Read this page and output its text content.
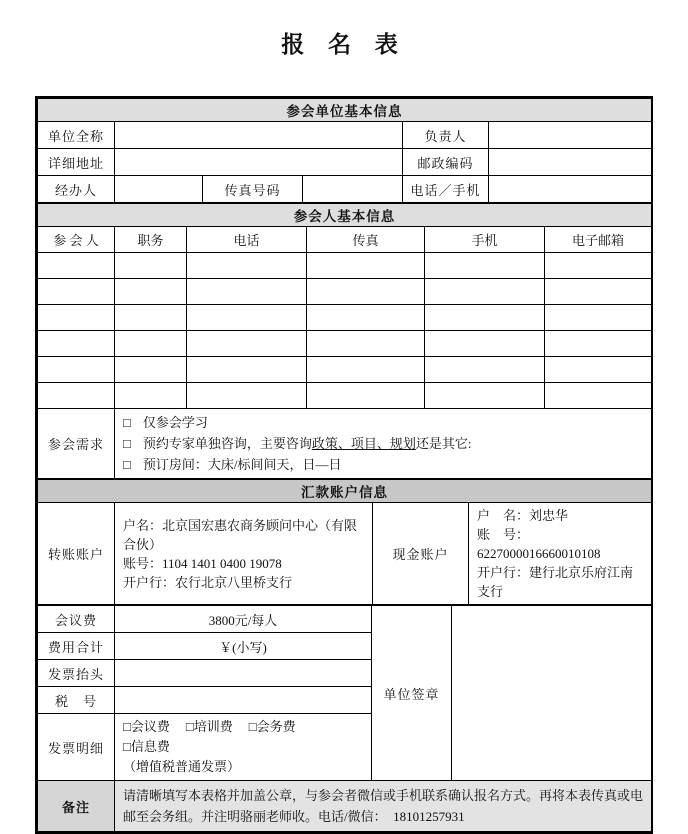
报 名 表
参会单位基本信息					
单位全称				负责人	
详细地址				邮政编码	
经办人		传真号码		电话／手机	
参会人基本信息					
参 会 人	职务	电话	传真	手机	电子邮箱

参会需求	□ 仅参会学习
□ 预约专家单独咨询，主要咨询政策、项目、规划还是其它:
□ 预订房间：大床/标间间天，日—日				
汇款账户信息
转账账户	
户名：北京国宏惠农商务顾问中心（有限合伙）
账号：1104 1401 0400 19078
开户行：农行北京八里桥支行
	现金账户	
户　名：刘忠华
账　号：6227000016660010108
开户行：建行北京乐府江南支行
会议费	3800元/每人	单位签章	
费用合计	￥(小写)		
发票抬头			
税　号			
发票明细	□会议费 □培训费 □会务费□信息费
（增值税普通发票）		

备注	请清晰填写本表格并加盖公章，与参会者微信或手机联系确认报名方式。再将本表传真或电邮至会务组。并注明骆丽老师收。电话/微信：  18101257931		
